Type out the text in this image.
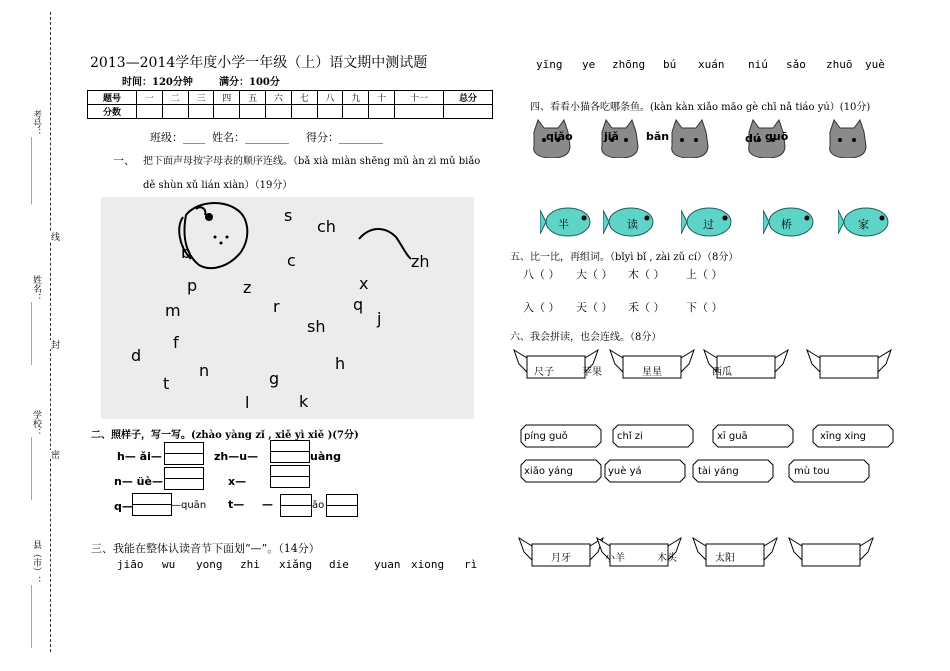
考号：_______________
姓名：______________
学校：______________
县（市）：______________
线
封
密
2013—2014学年度小学一年级（上）语文期中测试题
时间：120分钟	满分：100分
题号	一	二	三	四	五	六	七	八	九	十	十一	总分
分数												
班级：____ 姓名：________ 得分：________
一、 把下面声母按字母表的顺序连线。（bǎ xià miàn shēng mǔ àn zì mǔ biǎo
dě shùn xǔ lián xiàn）（19分）
s
ch
b	c	zh
p	z	x
m	r	q
sh	j
f
d	h
n
t	g
l	k
二、照样子，写一写。(zhào yàng zǐ , xiě yì xiě )(7分)
h— ǎi—	zh—u—	uàng
n— üè—	x—
q—	—quān t— —	ǎo
三、我能在整体认读音节下面划“—”。（14分）
jiāo wu yong zhi xiǎng die yuan xiong rì
yīng ye zhōng bú xuán niú sǎo zhuō yuè
四、看看小猫各吃哪条鱼。(kàn kàn xiǎo māo gè chī nǎ tiáo yú）(10分)
qiǎo	jiǎ bǎn	dú guō
半	读	过	桥	家
五、比一比，再组词。（bǐyì bǐ , zài zǔ cí）（8分）
八（ ） 大（ ） 木（ ） 上（ ）
入（ ） 天（ ） 禾（ ） 下（ ）
六、我会拼读，也会连线。（8分）
尺子	苹果	星星	西瓜
píng guǒ	chǐ zi	xī guā	xīng xing
xiǎo yáng	yuè yá	tài yáng	mù tou
月牙	小羊	木头	太阳
